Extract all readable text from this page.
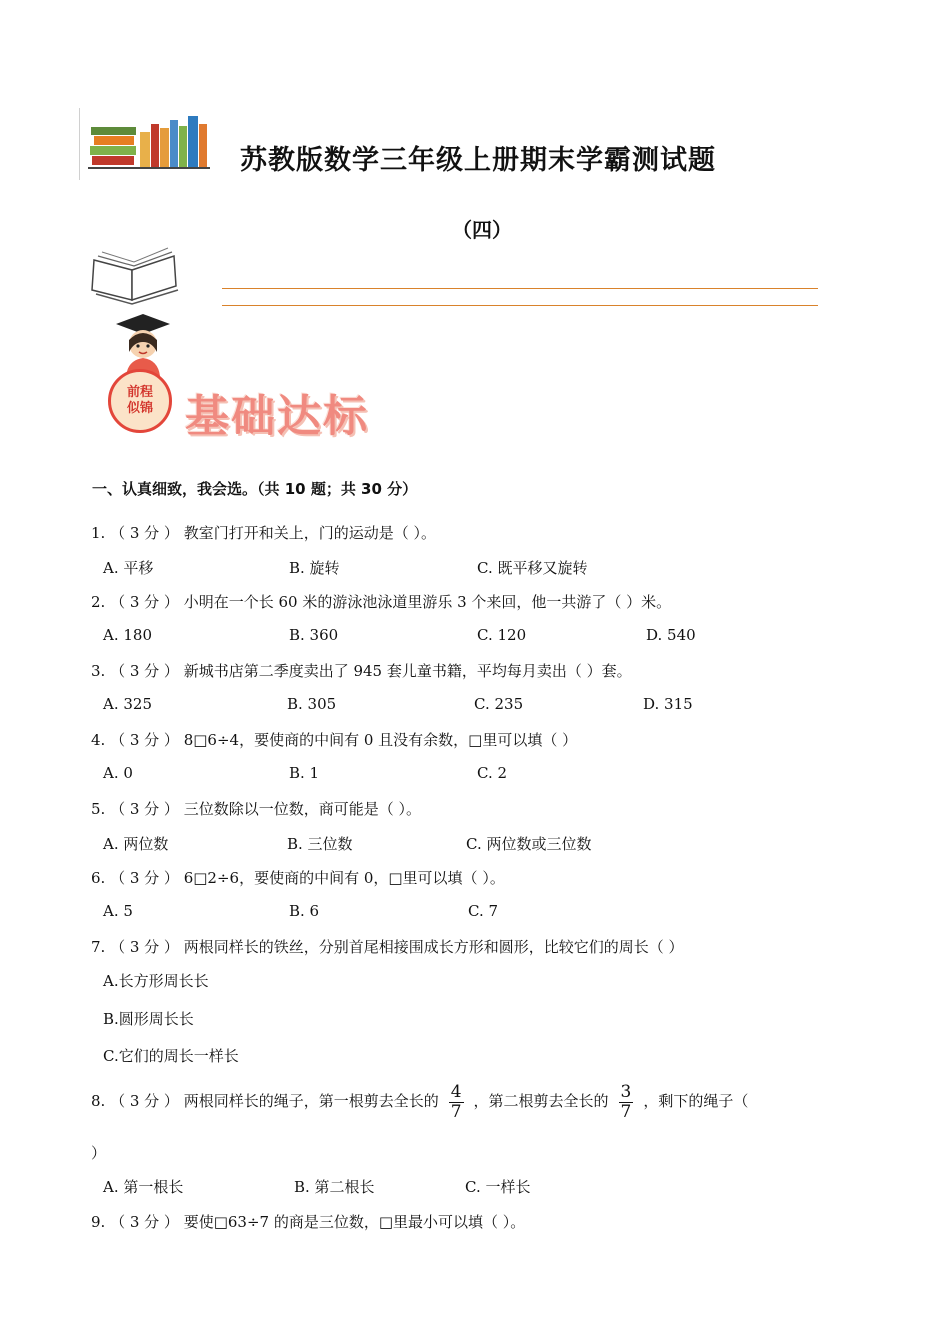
苏教版数学三年级上册期末学霸测试题
（四）
前程
似锦 基础达标
一、认真细致，我会选。（共 10 题；共 30 分）
1. （ 3 分 ） 教室门打开和关上，门的运动是（ ）。
A. 平移	B. 旋转	C. 既平移又旋转
2. （ 3 分 ） 小明在一个长 60 米的游泳池泳道里游乐 3 个来回，他一共游了（ ）米。
A. 180	B. 360	C. 120	D. 540
3. （ 3 分 ） 新城书店第二季度卖出了 945 套儿童书籍，平均每月卖出（ ）套。
A. 325	B. 305	C. 235	D. 315
4. （ 3 分 ） 8□6÷4，要使商的中间有 0 且没有余数，□里可以填（ ）
A. 0	B. 1	C. 2
5. （ 3 分 ） 三位数除以一位数，商可能是（ ）。
A. 两位数	B. 三位数	C. 两位数或三位数
6. （ 3 分 ） 6□2÷6，要使商的中间有 0，□里可以填（ ）。
A. 5	B. 6	C. 7
7. （ 3 分 ） 两根同样长的铁丝，分别首尾相接围成长方形和圆形，比较它们的周长（ ）
A.长方形周长长
B.圆形周长长
C.它们的周长一样长
8. （ 3 分 ） 两根同样长的绳子，第一根剪去全长的 $\frac{4}{7}$ ，第二根剪去全长的 $\frac{3}{7}$ ，剩下的绳子（
）
A. 第一根长	B. 第二根长	C. 一样长
9. （ 3 分 ） 要使□63÷7 的商是三位数，□里最小可以填（ ）。
